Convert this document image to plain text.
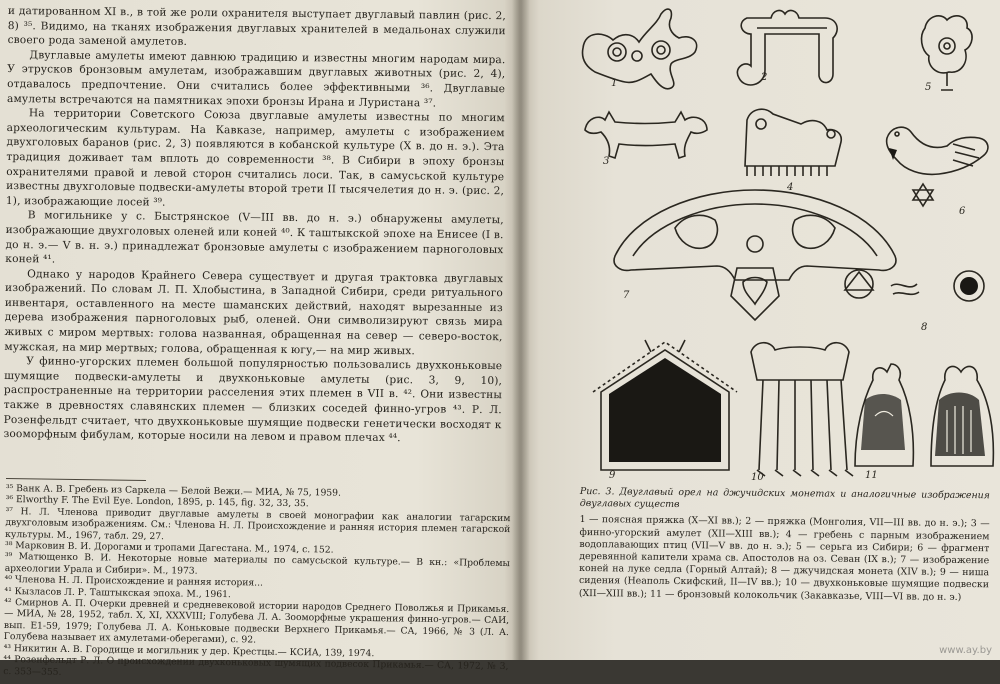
и датированном XI в., в той же роли охранителя выступает двуглавый павлин (рис. 2, 8) ³⁵. Видимо, на тканях изображения двуглавых хранителей в медальонах служили своего рода заменой амулетов.

Двуглавые амулеты имеют давнюю традицию и известны многим народам мира. У этрусков бронзовым амулетам, изображавшим двуглавых животных (рис. 2, 4), отдавалось предпочтение. Они считались более эффективными ³⁶. Двуглавые амулеты встречаются на памятниках эпохи бронзы Ирана и Луристана ³⁷.

На территории Советского Союза двуглавые амулеты известны по многим археологическим культурам. На Кавказе, например, амулеты с изображением двухголовых баранов (рис. 2, 3) появляются в кобанской культуре (X в. до н. э.). Эта традиция доживает там вплоть до современности ³⁸. В Сибири в эпоху бронзы охранителями правой и левой сторон считались лоси. Так, в самусьской культуре известны двухголовые подвески-амулеты второй трети II тысячелетия до н. э. (рис. 2, 1), изображающие лосей ³⁹.

В могильнике у с. Быстрянское (V—III вв. до н. э.) обнаружены амулеты, изображающие двухголовых оленей или коней ⁴⁰. К таштыкской эпохе на Енисее (I в. до н. э.— V в. н. э.) принадлежат бронзовые амулеты с изображением парноголовых коней ⁴¹.

Однако у народов Крайнего Севера существует и другая трактовка двуглавых изображений. По словам Л. П. Хлобыстина, в Западной Сибири, среди ритуального инвентаря, оставленного на месте шаманских действий, находят вырезанные из дерева изображения парноголовых рыб, оленей. Они символизируют связь мира живых с миром мертвых: голова названная, обращенная на север — северо-восток, мужская, на мир мертвых; голова, обращенная к югу,— на мир живых.

У финно-угорских племен большой популярностью пользовались двухконьковые шумящие подвески-амулеты и двухконьковые амулеты (рис. 3, 9, 10), распространенные на территории расселения этих племен в VII в. ⁴². Они известны также в древностях славянских племен — близких соседей финно-угров ⁴³. Р. Л. Розенфельдт считает, что двухконьковые шумящие подвески генетически восходят к зооморфным фибулам, которые носили на левом и правом плечах ⁴⁴.

³⁵ Ванк А. В. Гребень из Саркела — Белой Вежи.— МИА, № 75, 1959.

³⁶ Elworthy F. The Evil Eye. London, 1895, p. 145, fig. 32, 33, 35.

³⁷ Н. Л. Членова приводит двуглавые амулеты в своей монографии как аналогии тагарским двухголовым изображениям. См.: Членова Н. Л. Происхождение и ранняя история племен тагарской культуры. М., 1967, табл. 29, 27.

³⁸ Марковин В. И. Дорогами и тропами Дагестана. М., 1974, с. 152.

³⁹ Матющенко В. И. Некоторые новые материалы по самусьской культуре.— В кн.: «Проблемы археологии Урала и Сибири». М., 1973.

⁴⁰ Членова Н. Л. Происхождение и ранняя история...

⁴¹ Кызласов Л. Р. Таштыкская эпоха. М., 1961.

⁴² Смирнов А. П. Очерки древней и средневековой истории народов Среднего Поволжья и Прикамья.— МИА, № 28, 1952, табл. X, XI, XXXVIII; Голубева Л. А. Зооморфные украшения финно-угров.— САИ, вып. Е1-59, 1979; Голубева Л. А. Коньковые подвески Верхнего Прикамья.— СА, 1966, № 3 (Л. А. Голубева называет их амулетами-оберегами), с. 92.

⁴³ Никитин А. В. Городище и могильник у дер. Крестцы.— КСИА, 139, 1974.

⁴⁴ Розенфельдт Р. Л. О происхождении двухконьковых шумящих подвесок Прикамья.— СА, 1972, № 3, с. 353—355.

1
2
3
4
5
6
7
8
9	10	11

Рис. 3. Двуглавый орел на джучидских монетах и аналогичные изображения двуглавых существ

1 — поясная пряжка (X—XI вв.); 2 — пряжка (Монголия, VII—III вв. до н. э.); 3 — финно-угорский амулет (XII—XIII вв.); 4 — гребень с парным изображением водоплавающих птиц (VII—V вв. до н. э.); 5 — серьга из Сибири; 6 — фрагмент деревянной капители храма св. Апостолов на оз. Севан (IX в.); 7 — изображение коней на луке седла (Горный Алтай); 8 — джучидская монета (XIV в.); 9 — ниша сидения (Неаполь Скифский, II—IV вв.); 10 — двухконьковые шумящие подвески (XII—XIII вв.); 11 — бронзовый колокольчик (Закавказье, VIII—VI вв. до н. э.)

www.ay.by
